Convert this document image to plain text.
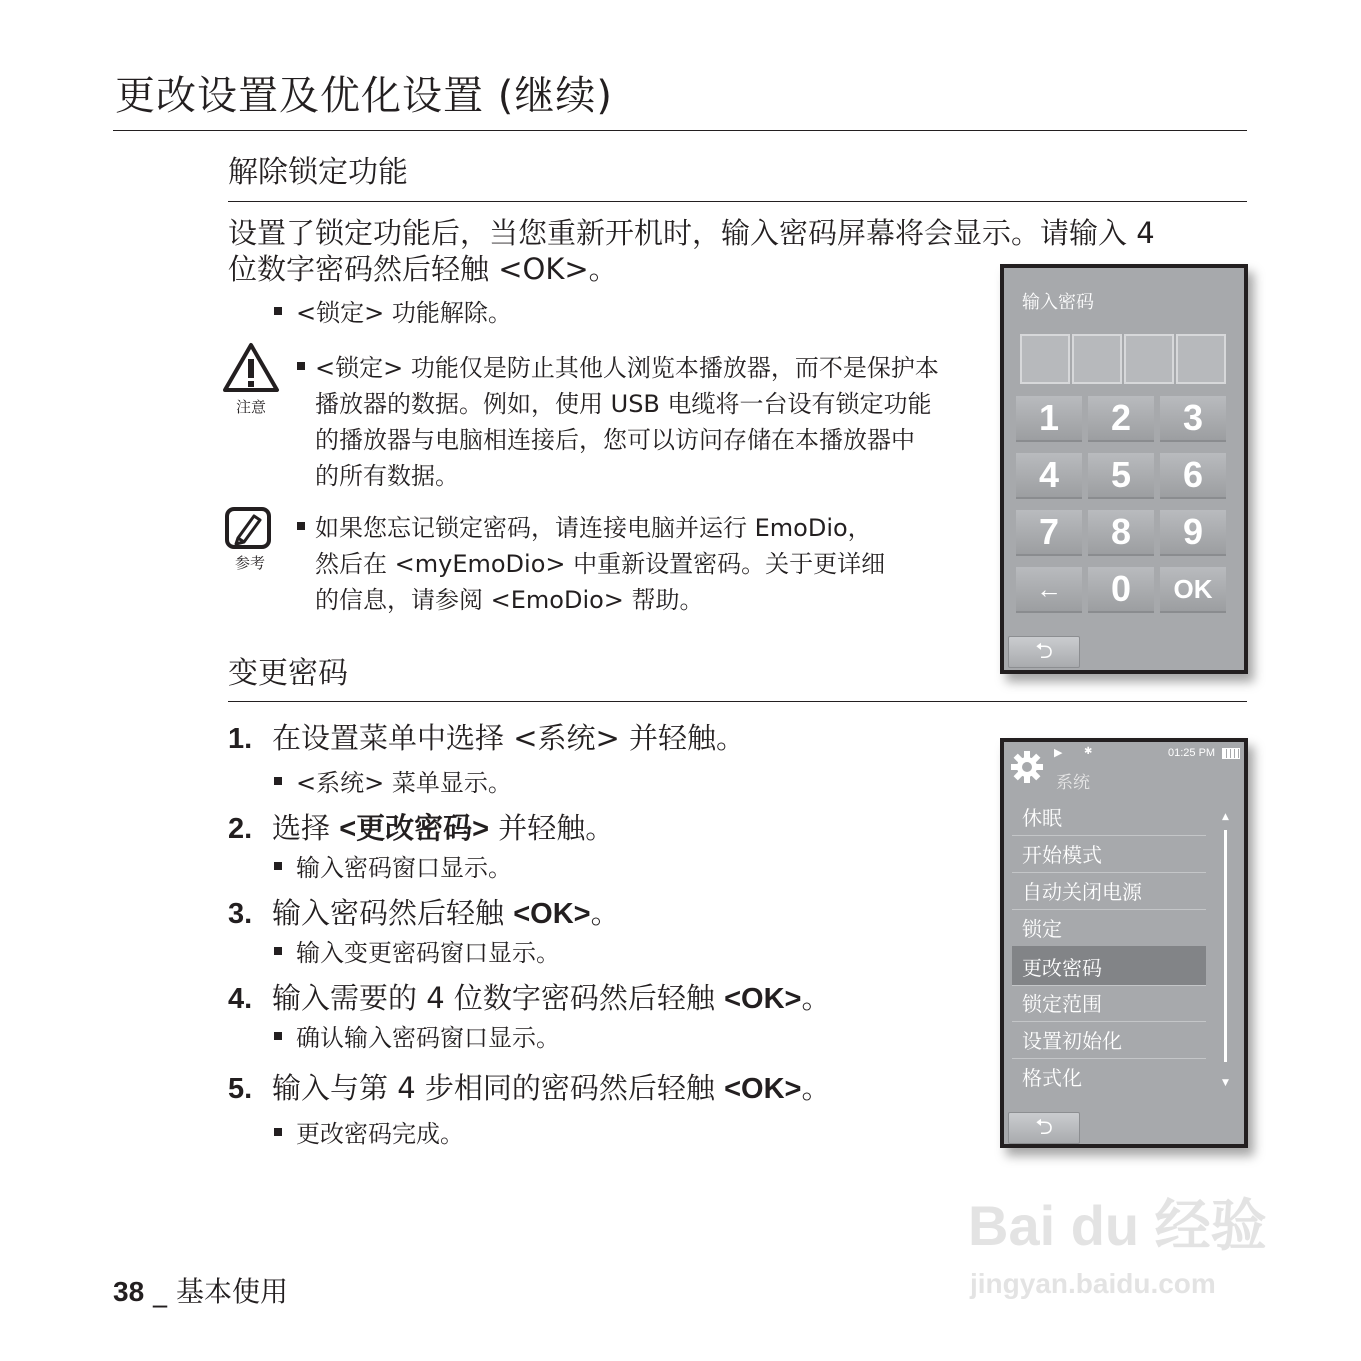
更改设置及优化设置 (继续)
解除锁定功能
设置了锁定功能后，当您重新开机时，输入密码屏幕将会显示。请输入 4
位数字密码然后轻触 <OK>。
<锁定> 功能解除。
注意
<锁定> 功能仅是防止其他人浏览本播放器，而不是保护本
播放器的数据。例如，使用 USB 电缆将一台设有锁定功能
的播放器与电脑相连接后，您可以访问存储在本播放器中
的所有数据。
参考
如果您忘记锁定密码，请连接电脑并运行 EmoDio，
然后在 <myEmoDio> 中重新设置密码。关于更详细
的信息，请参阅 <EmoDio> 帮助。
输入密码
1	2	3
4	5	6
7	8	9
←	0	OK
⮌
变更密码
1. 在设置菜单中选择 <系统> 并轻触。
<系统> 菜单显示。
2. 选择 <更改密码> 并轻触。
输入密码窗口显示。
3. 输入密码然后轻触 <OK>。
输入变更密码窗口显示。
4. 输入需要的 4 位数字密码然后轻触 <OK>。
确认输入密码窗口显示。
5. 输入与第 4 步相同的密码然后轻触 <OK>。
更改密码完成。
▶ ✱	01:25 PM
系统
休眠
开始模式
自动关闭电源
锁定
更改密码
锁定范围
设置初始化
格式化
▲
▼
⮌
38 _ 基本使用
Bai du 经验
jingyan.baidu.com
